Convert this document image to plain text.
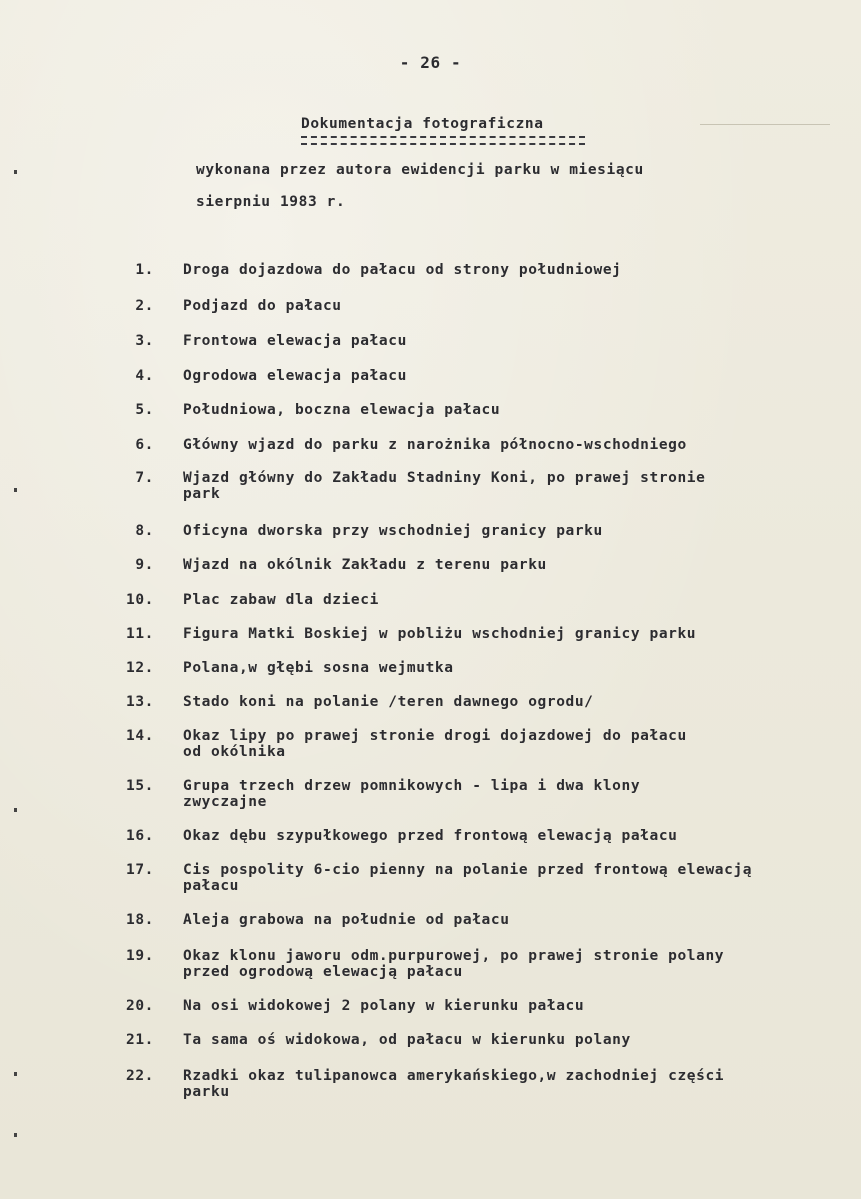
- 26 -
Dokumentacja fotograficzna
wykonana przez autora ewidencji parku w miesiącu
sierpniu 1983 r.
1. Droga dojazdowa do pałacu od strony południowej
2. Podjazd do pałacu
3. Frontowa elewacja pałacu
4. Ogrodowa elewacja pałacu
5. Południowa, boczna elewacja pałacu
6. Główny wjazd do parku z narożnika północno-wschodniego
7. Wjazd główny do Zakładu Stadniny Koni, po prawej stronie
park
8. Oficyna dworska przy wschodniej granicy parku
9. Wjazd na okólnik Zakładu z terenu parku
10. Plac zabaw dla dzieci
11. Figura Matki Boskiej w pobliżu wschodniej granicy parku
12. Polana,w głębi sosna wejmutka
13. Stado koni na polanie /teren dawnego ogrodu/
14. Okaz lipy po prawej stronie drogi dojazdowej do pałacu
od okólnika
15. Grupa trzech drzew pomnikowych - lipa i dwa klony
zwyczajne
16. Okaz dębu szypułkowego przed frontową elewacją pałacu
17. Cis pospolity 6-cio pienny na polanie przed frontową elewacją
pałacu
18. Aleja grabowa na południe od pałacu
19. Okaz klonu jaworu odm.purpurowej, po prawej stronie polany
przed ogrodową elewacją pałacu
20. Na osi widokowej 2 polany w kierunku pałacu
21. Ta sama oś widokowa, od pałacu w kierunku polany
22. Rzadki okaz tulipanowca amerykańskiego,w zachodniej części
parku
